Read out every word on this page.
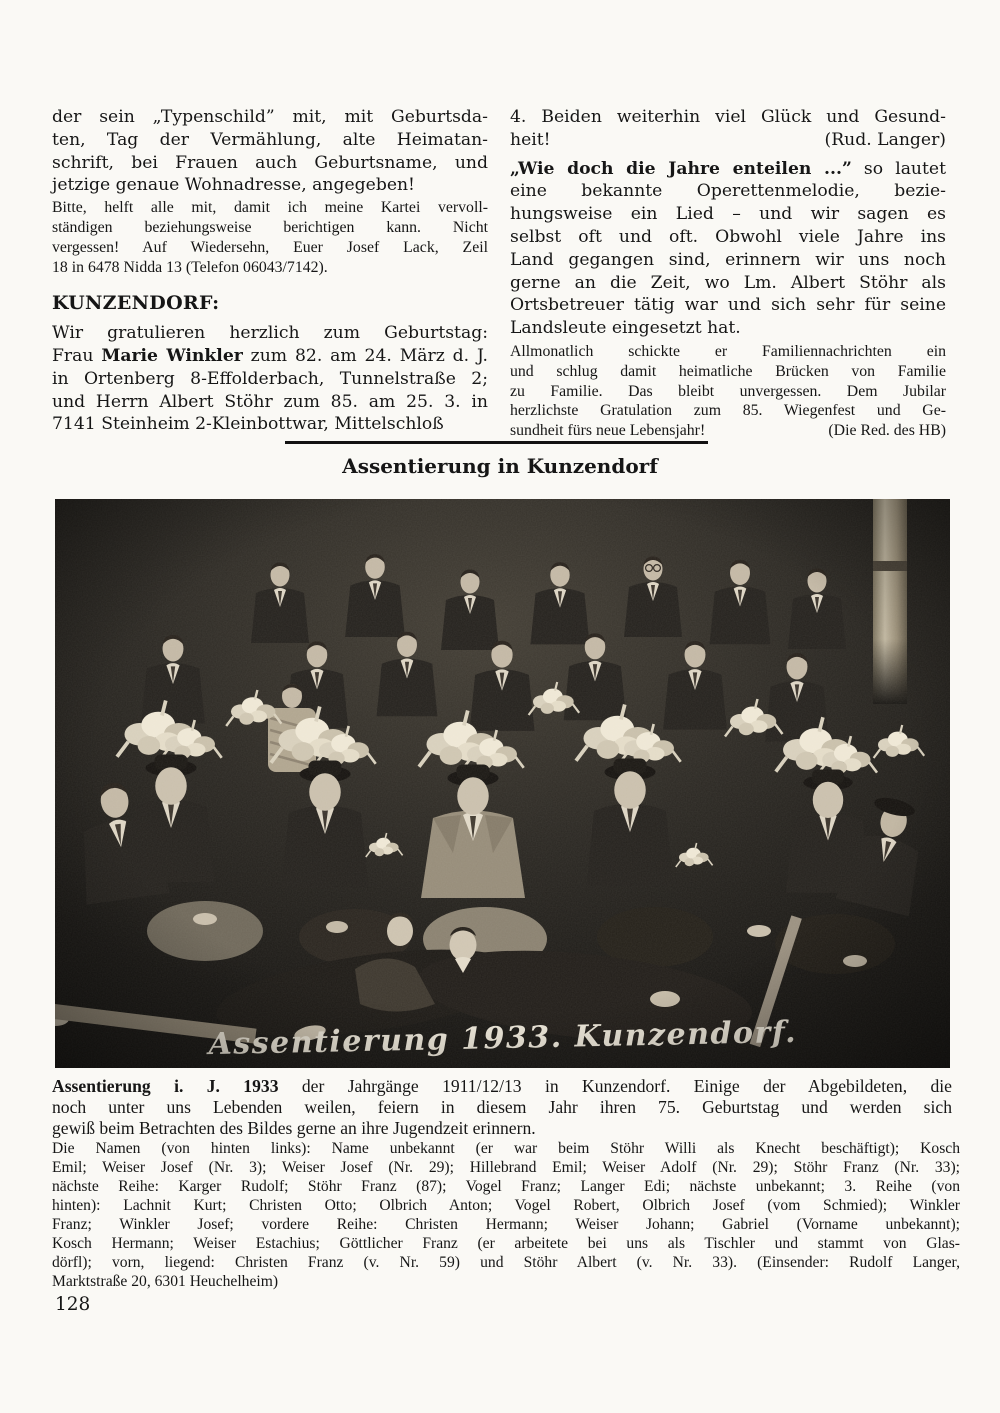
der sein „Typenschild” mit, mit Geburtsda-
ten, Tag der Vermählung, alte Heimatan-
schrift, bei Frauen auch Geburtsname, und
jetzige genaue Wohnadresse, angegeben!
Bitte, helft alle mit, damit ich meine Kartei vervoll-
ständigen beziehungsweise berichtigen kann. Nicht
vergessen! Auf Wiedersehn, Euer Josef Lack, Zeil
18 in 6478 Nidda 13 (Telefon 06043/7142).
KUNZENDORF:
Wir gratulieren herzlich zum Geburtstag:
Frau Marie Winkler zum 82. am 24. März d. J.
in Ortenberg 8-Effolderbach, Tunnelstraße 2;
und Herrn Albert Stöhr zum 85. am 25. 3. in
7141 Steinheim 2-Kleinbottwar, Mittelschloß
4. Beiden weiterhin viel Glück und Gesund-
heit!	(Rud. Langer)
„Wie doch die Jahre enteilen ...” so lautet
eine bekannte Operettenmelodie, bezie-
hungsweise ein Lied – und wir sagen es
selbst oft und oft. Obwohl viele Jahre ins
Land gegangen sind, erinnern wir uns noch
gerne an die Zeit, wo Lm. Albert Stöhr als
Ortsbetreuer tätig war und sich sehr für seine
Landsleute eingesetzt hat.
Allmonatlich schickte er Familiennachrichten ein
und schlug damit heimatliche Brücken von Familie
zu Familie. Das bleibt unvergessen. Dem Jubilar
herzlichste Gratulation zum 85. Wiegenfest und Ge-
sundheit fürs neue Lebensjahr!	(Die Red. des HB)
Assentierung in Kunzendorf
Assentierung i. J. 1933 der Jahrgänge 1911/12/13 in Kunzendorf. Einige der Abgebildeten, die
noch unter uns Lebenden weilen, feiern in diesem Jahr ihren 75. Geburtstag und werden sich
gewiß beim Betrachten des Bildes gerne an ihre Jugendzeit erinnern.
Die Namen (von hinten links): Name unbekannt (er war beim Stöhr Willi als Knecht beschäftigt); Kosch
Emil; Weiser Josef (Nr. 3); Weiser Josef (Nr. 29); Hillebrand Emil; Weiser Adolf (Nr. 29); Stöhr Franz (Nr. 33);
nächste Reihe: Karger Rudolf; Stöhr Franz (87); Vogel Franz; Langer Edi; nächste unbekannt; 3. Reihe (von
hinten): Lachnit Kurt; Christen Otto; Olbrich Anton; Vogel Robert, Olbrich Josef (vom Schmied); Winkler
Franz; Winkler Josef; vordere Reihe: Christen Hermann; Weiser Johann; Gabriel (Vorname unbekannt);
Kosch Hermann; Weiser Estachius; Göttlicher Franz (er arbeitete bei uns als Tischler und stammt von Glas-
dörfl); vorn, liegend: Christen Franz (v. Nr. 59) und Stöhr Albert (v. Nr. 33). (Einsender: Rudolf Langer,
Marktstraße 20, 6301 Heuchelheim)
128
